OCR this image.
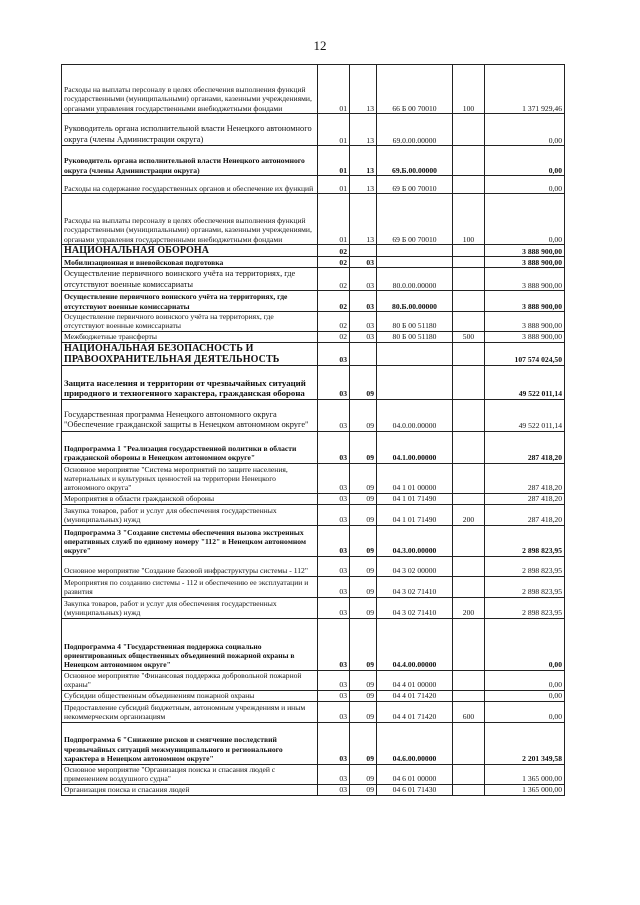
12
Расходы на выплаты персоналу в целях обеспечения выполнения функций государственными (муниципальными) органами, казенными учреждениями, органами управления государственными внебюджетными фондами	01	13	66 Б 00 70010	100	1 371 929,46
Руководитель органа исполнительной власти Ненецкого автономного округа (члены Администрации округа)	01	13	69.0.00.00000		0,00
Руководитель органа исполнительной власти Ненецкого автономного округа (члены Администрации округа)	01	13	69.Б.00.00000		0,00
Расходы на содержание государственных органов и обеспечение их функций	01	13	69 Б 00 70010		0,00
Расходы на выплаты персоналу в целях обеспечения выполнения функций государственными (муниципальными) органами, казенными учреждениями, органами управления государственными внебюджетными фондами	01	13	69 Б 00 70010	100	0,00
НАЦИОНАЛЬНАЯ ОБОРОНА	02				3 888 900,00
Мобилизационная и вневойсковая подготовка	02	03			3 888 900,00
Осуществление первичного воинского учёта на территориях, где отсутствуют военные комиссариаты	02	03	80.0.00.00000		3 888 900,00
Осуществление первичного воинского учёта на территориях, где отсутствуют военные комиссариаты	02	03	80.Б.00.00000		3 888 900,00
Осуществление первичного воинского учёта на территориях, где отсутствуют военные комиссариаты	02	03	80 Б 00 51180		3 888 900,00
Межбюджетные трансферты	02	03	80 Б 00 51180	500	3 888 900,00
НАЦИОНАЛЬНАЯ БЕЗОПАСНОСТЬ И ПРАВООХРАНИТЕЛЬНАЯ ДЕЯТЕЛЬНОСТЬ	03				107 574 024,50
Защита населения и территории от чрезвычайных ситуаций природного и техногенного характера, гражданская оборона	03	09			49 522 011,14
Государственная программа Ненецкого автономного округа "Обеспечение гражданской защиты в Ненецком автономном округе"	03	09	04.0.00.00000		49 522 011,14
Подпрограмма 1 "Реализация государственной политики в области гражданской обороны в Ненецком автономном округе"	03	09	04.1.00.00000		287 418,20
Основное мероприятие "Система мероприятий по защите населения, материальных и культурных ценностей на территории Ненецкого автономного округа"	03	09	04 1 01 00000		287 418,20
Мероприятия в области гражданской обороны	03	09	04 1 01 71490		287 418,20
Закупка товаров, работ и услуг для обеспечения государственных (муниципальных) нужд	03	09	04 1 01 71490	200	287 418,20
Подпрограмма 3 "Создание системы обеспечения вызова экстренных оперативных служб по единому номеру "112" в Ненецком автономном округе"	03	09	04.3.00.00000		2 898 823,95
Основное мероприятие "Создание базовой инфраструктуры системы - 112"	03	09	04 3 02 00000		2 898 823,95
Мероприятия по созданию системы - 112 и обеспечению ее эксплуатации и развития	03	09	04 3 02 71410		2 898 823,95
Закупка товаров, работ и услуг для обеспечения государственных (муниципальных) нужд	03	09	04 3 02 71410	200	2 898 823,95
Подпрограмма 4 "Государственная поддержка социально ориентированных общественных объединений пожарной охраны в Ненецком автономном округе"	03	09	04.4.00.00000		0,00
Основное мероприятие "Финансовая поддержка добровольной пожарной охраны"	03	09	04 4 01 00000		0,00
Субсидии общественным объединениям пожарной охраны	03	09	04 4 01 71420		0,00
Предоставление субсидий бюджетным, автономным учреждениям и иным некоммерческим организациям	03	09	04 4 01 71420	600	0,00
Подпрограмма 6 "Снижение рисков и смягчение последствий чрезвычайных ситуаций межмуниципального и регионального характера в Ненецком автономном округе"	03	09	04.6.00.00000		2 201 349,58
Основное мероприятие "Организация поиска и спасания людей с применением воздушного судна"	03	09	04 6 01 00000		1 365 000,00
Организация поиска и спасания людей	03	09	04 6 01 71430		1 365 000,00
